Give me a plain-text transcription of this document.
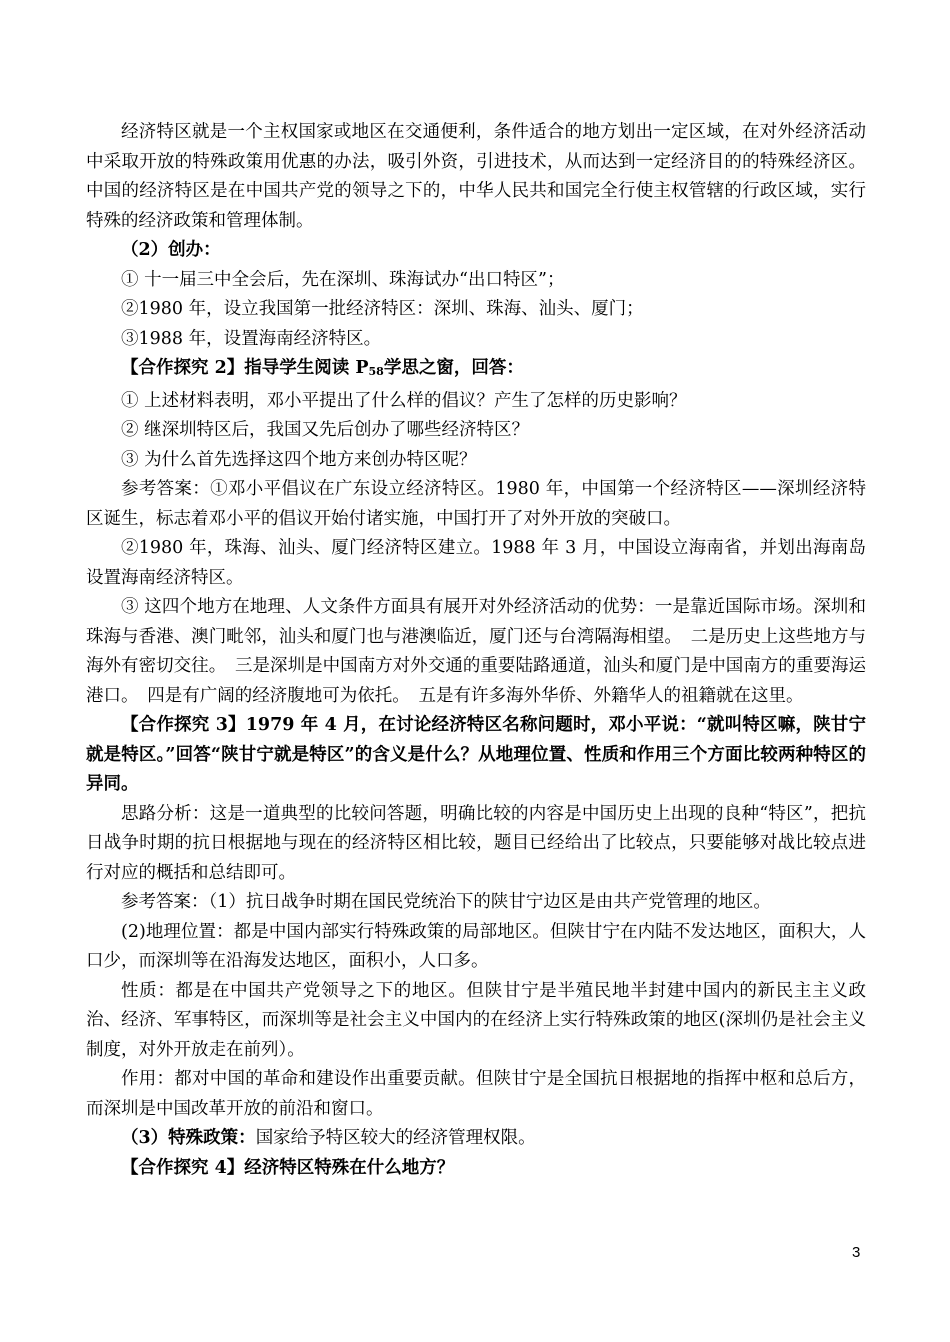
经济特区就是一个主权国家或地区在交通便利，条件适合的地方划出一定区域，在对外经济活动中采取开放的特殊政策用优惠的办法，吸引外资，引进技术，从而达到一定经济目的的特殊经济区。中国的经济特区是在中国共产党的领导之下的，中华人民共和国完全行使主权管辖的行政区域，实行特殊的经济政策和管理体制。

（2）创办：

① 十一届三中全会后，先在深圳、珠海试办“出口特区”；

②1980 年，设立我国第一批经济特区：深圳、珠海、汕头、厦门；

③1988 年，设置海南经济特区。

【合作探究 2】指导学生阅读 P58学思之窗，回答：

① 上述材料表明，邓小平提出了什么样的倡议？产生了怎样的历史影响？

② 继深圳特区后，我国又先后创办了哪些经济特区？

③ 为什么首先选择这四个地方来创办特区呢？

参考答案：①邓小平倡议在广东设立经济特区。1980 年，中国第一个经济特区——深圳经济特区诞生，标志着邓小平的倡议开始付诸实施，中国打开了对外开放的突破口。

②1980 年，珠海、汕头、厦门经济特区建立。1988 年 3 月，中国设立海南省，并划出海南岛设置海南经济特区。

③ 这四个地方在地理、人文条件方面具有展开对外经济活动的优势：一是靠近国际市场。深圳和珠海与香港、澳门毗邻，汕头和厦门也与港澳临近，厦门还与台湾隔海相望。　二是历史上这些地方与海外有密切交往。　三是深圳是中国南方对外交通的重要陆路通道，汕头和厦门是中国南方的重要海运港口。　四是有广阔的经济腹地可为依托。　五是有许多海外华侨、外籍华人的祖籍就在这里。

【合作探究 3】1979 年 4 月，在讨论经济特区名称问题时，邓小平说：“就叫特区嘛，陕甘宁就是特区。”回答“陕甘宁就是特区”的含义是什么？从地理位置、性质和作用三个方面比较两种特区的异同。

思路分析：这是一道典型的比较问答题，明确比较的内容是中国历史上出现的良种“特区”，把抗日战争时期的抗日根据地与现在的经济特区相比较，题目已经给出了比较点，只要能够对战比较点进行对应的概括和总结即可。

参考答案：（1）抗日战争时期在国民党统治下的陕甘宁边区是由共产党管理的地区。

(2)地理位置：都是中国内部实行特殊政策的局部地区。但陕甘宁在内陆不发达地区，面积大，人口少，而深圳等在沿海发达地区，面积小，人口多。

性质：都是在中国共产党领导之下的地区。但陕甘宁是半殖民地半封建中国内的新民主主义政治、经济、军事特区，而深圳等是社会主义中国内的在经济上实行特殊政策的地区(深圳仍是社会主义制度，对外开放走在前列）。

作用：都对中国的革命和建设作出重要贡献。但陕甘宁是全国抗日根据地的指挥中枢和总后方，而深圳是中国改革开放的前沿和窗口。

（3）特殊政策：国家给予特区较大的经济管理权限。

【合作探究 4】经济特区特殊在什么地方？

3
